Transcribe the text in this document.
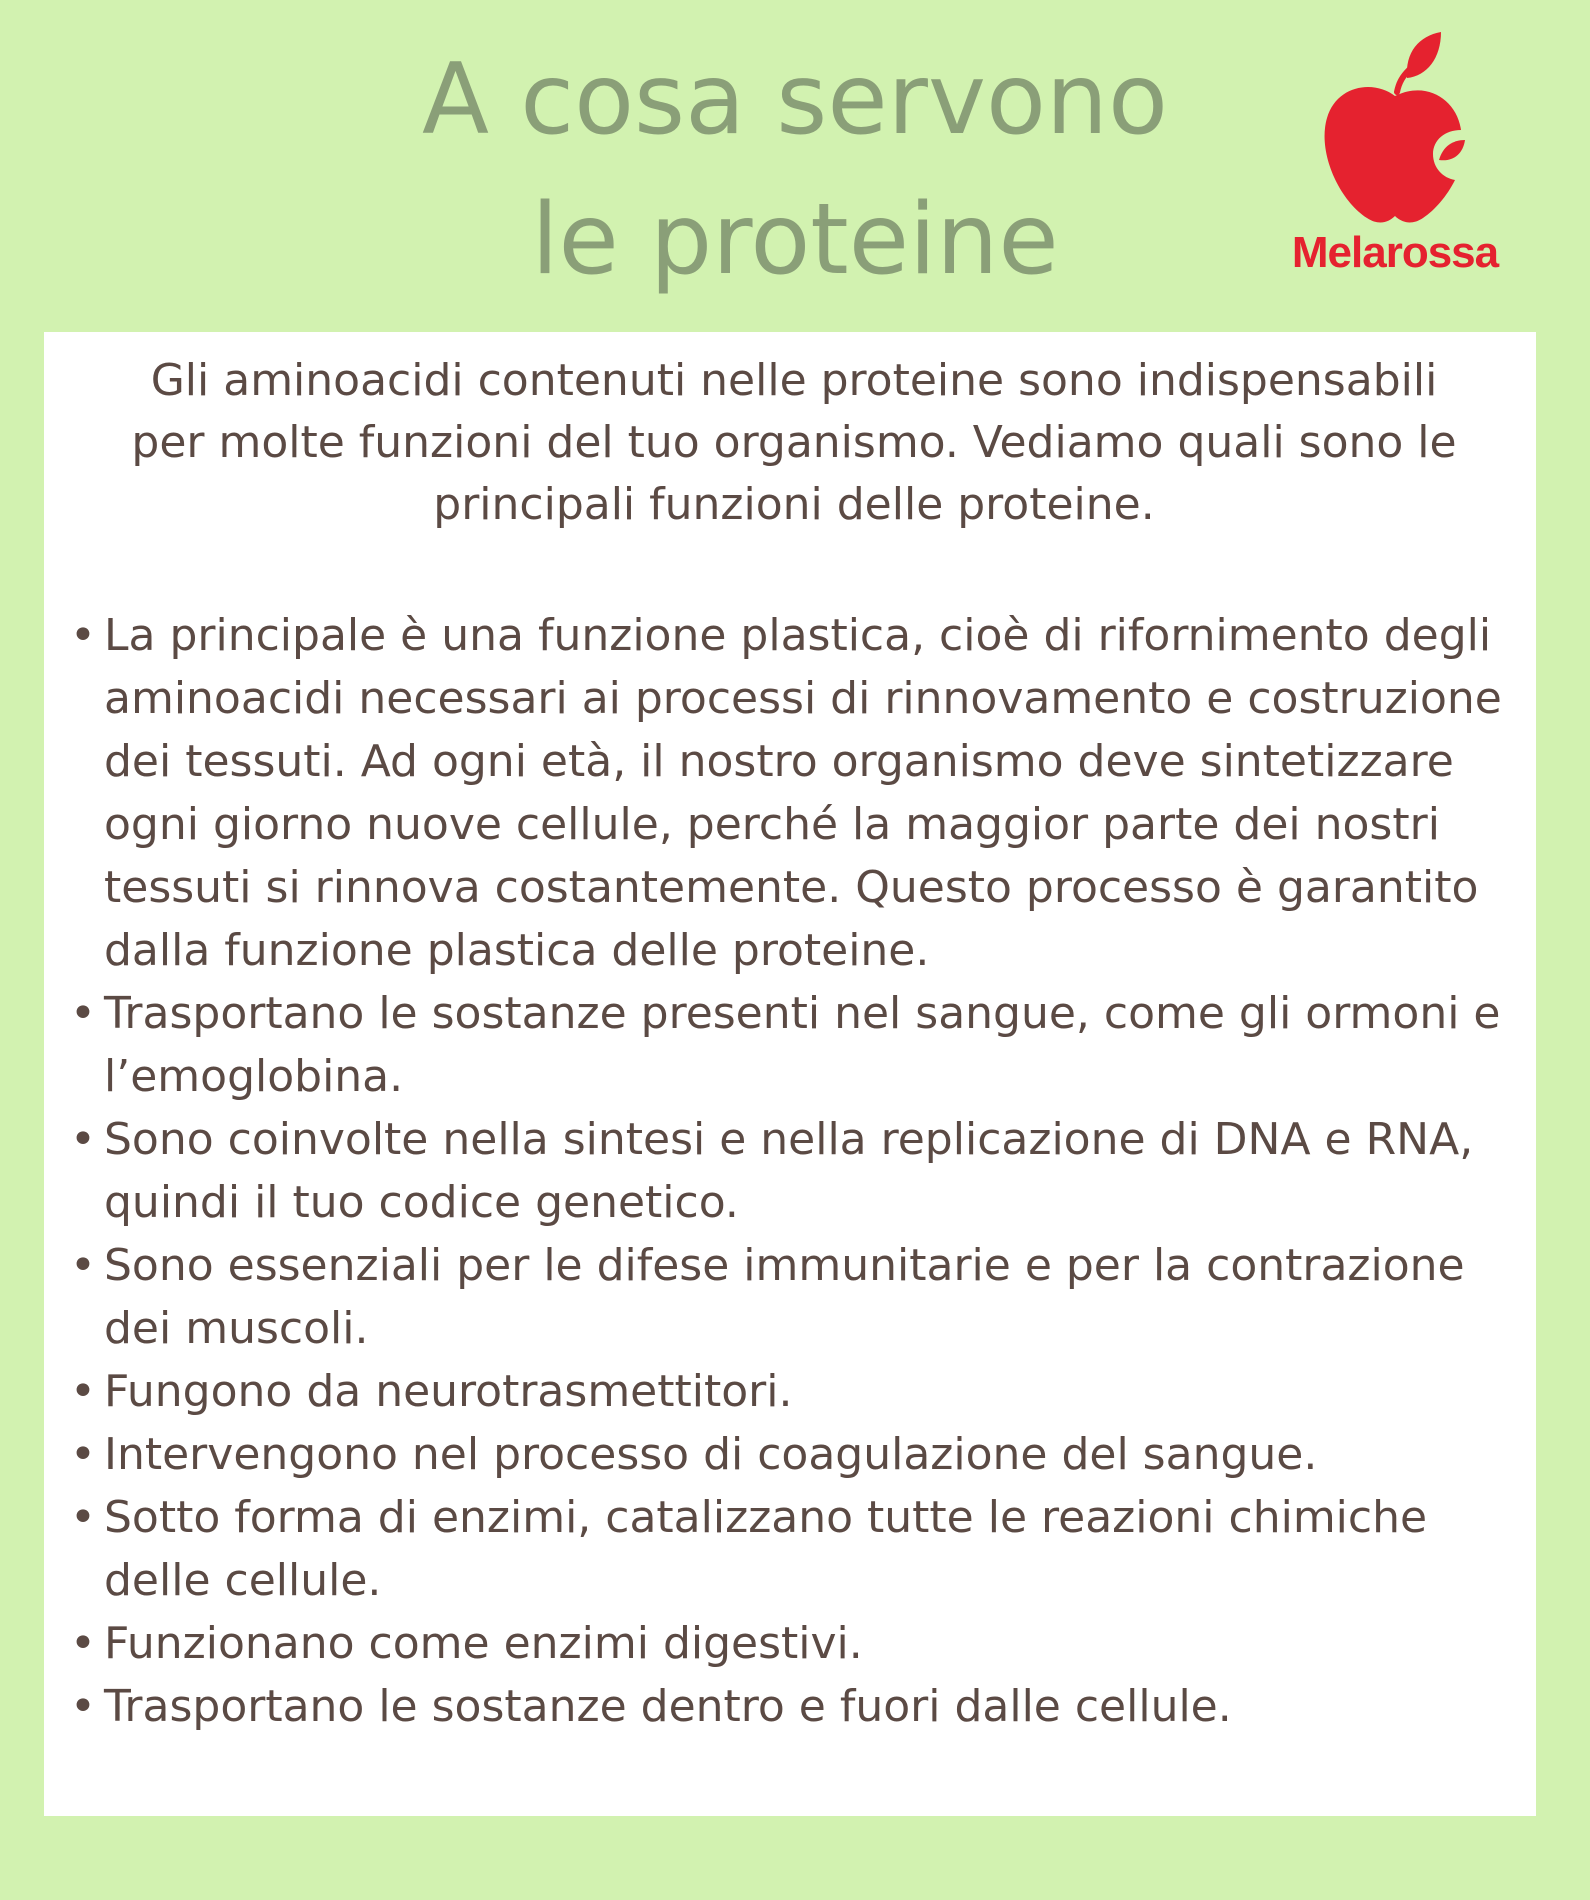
A cosa servono
le proteine	Melarossa

Gli aminoacidi contenuti nelle proteine sono indispensabili per molte funzioni del tuo organismo. Vediamo quali sono le principali funzioni delle proteine.

• La principale è una funzione plastica, cioè di rifornimento degli aminoacidi necessari ai processi di rinnovamento e costruzione dei tessuti. Ad ogni età, il nostro organismo deve sintetizzare ogni giorno nuove cellule, perché la maggior parte dei nostri tessuti si rinnova costantemente. Questo processo è garantito dalla funzione plastica delle proteine.
• Trasportano le sostanze presenti nel sangue, come gli ormoni e l’emoglobina.
• Sono coinvolte nella sintesi e nella replicazione di DNA e RNA, quindi il tuo codice genetico.
• Sono essenziali per le difese immunitarie e per la contrazione dei muscoli.
• Fungono da neurotrasmettitori.
• Intervengono nel processo di coagulazione del sangue.
• Sotto forma di enzimi, catalizzano tutte le reazioni chimiche delle cellule.
• Funzionano come enzimi digestivi.
• Trasportano le sostanze dentro e fuori dalle cellule.
